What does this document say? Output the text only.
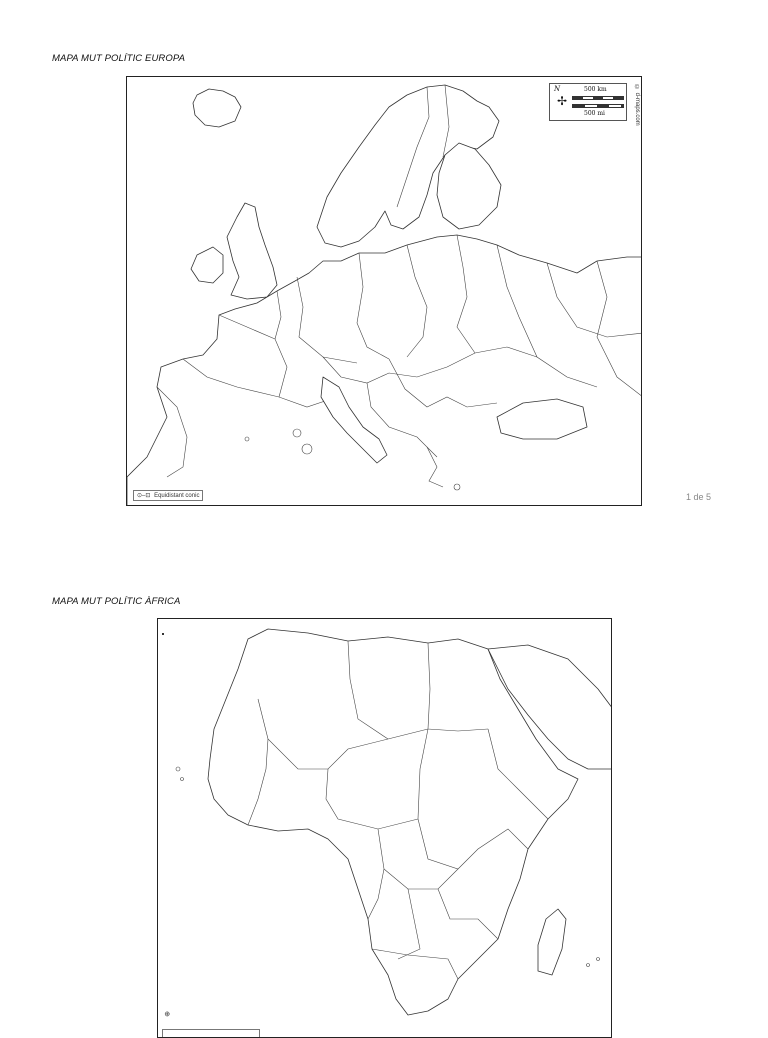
MAPA MUT POLÍTIC EUROPA
N
✢
500 km
500 mi	© d-maps.com
⊙–⊡ Equidistant conic	1 de 5
MAPA MUT POLÍTIC ÀFRICA
⊕
